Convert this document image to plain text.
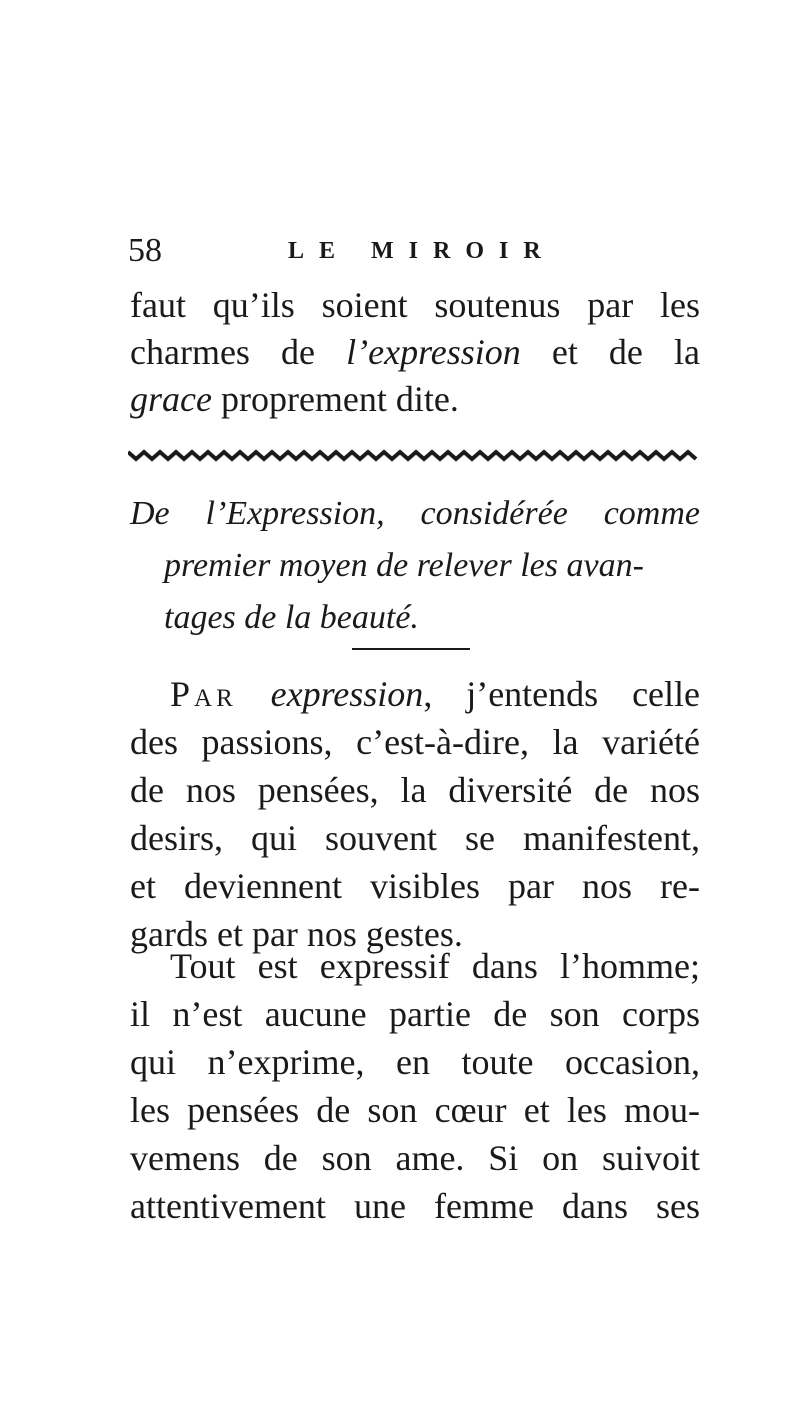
58	LE MIROIR
faut qu’ils soient soutenus par les
charmes de l’expression et de la
grace proprement dite.
De l’Expression, considérée comme
premier moyen de relever les avan-
tages de la beauté.
Par expression, j’entends celle
des passions, c’est-à-dire, la variété
de nos pensées, la diversité de nos
desirs, qui souvent se manifestent,
et deviennent visibles par nos re-
gards et par nos gestes.
Tout est expressif dans l’homme;
il n’est aucune partie de son corps
qui n’exprime, en toute occasion,
les pensées de son cœur et les mou-
vemens de son ame. Si on suivoit
attentivement une femme dans ses
